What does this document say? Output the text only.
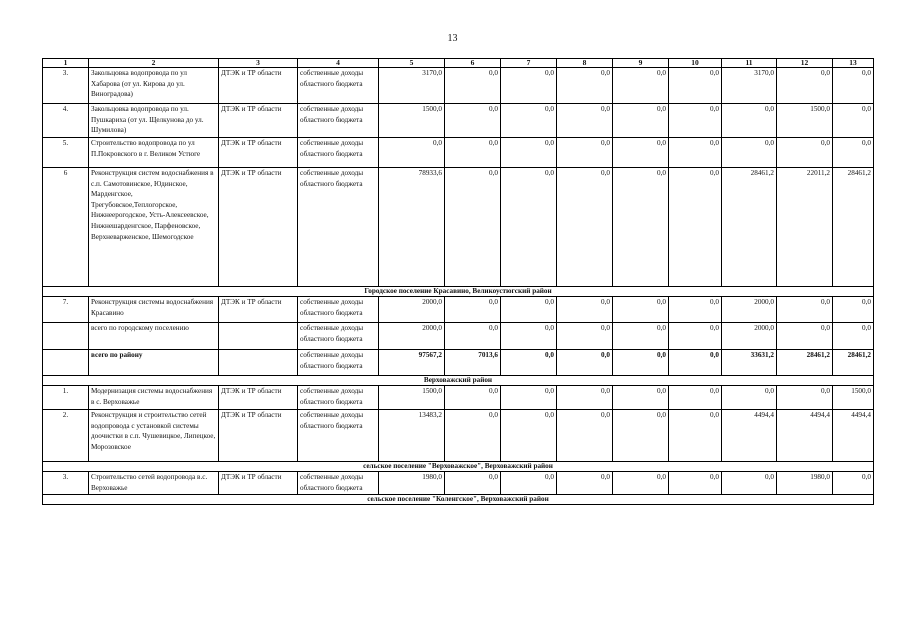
13
1	2	3	4	5	6	7	8	9	10	11	12	13
3.	Закольцовка водопровода по ул Хабарова (от ул. Кирова до ул. Виноградова)	ДТЭК и ТР области	собственные доходы областного бюджета	3170,0	0,0	0,0	0,0	0,0	0,0	3170,0	0,0	0,0
4.	Закольцовка водопровода по ул. Пушкариха (от ул. Щелкунова до ул. Шумилова)	ДТЭК и ТР области	собственные доходы областного бюджета	1500,0	0,0	0,0	0,0	0,0	0,0	0,0	1500,0	0,0
5.	Строительство водопровода по ул П.Покровского в г. Великом Устюге	ДТЭК и ТР области	собственные доходы областного бюджета	0,0	0,0	0,0	0,0	0,0	0,0	0,0	0,0	0,0
6	Реконструкция систем водоснабжения в с.п. Самотовинское, Юдинское, Марденгское, Трегубовское,Теплогорское, Нижнеерогодское, Усть-Алексеевское, Нижнешарденгское, Парфеновское, Верхневарженское, Шемогодское	ДТЭК и ТР области	собственные доходы областного бюджета	78933,6	0,0	0,0	0,0	0,0	0,0	28461,2	22011,2	28461,2
Городское поселение Красавино, Великоустюгский район												
7.	Реконструкция системы водоснабжения Красавино	ДТЭК и ТР области	собственные доходы областного бюджета	2000,0	0,0	0,0	0,0	0,0	0,0	2000,0	0,0	0,0
	всего по городскому поселению		собственные доходы областного бюджета	2000,0	0,0	0,0	0,0	0,0	0,0	2000,0	0,0	0,0
	всего по району		собственные доходы областного бюджета	97567,2	7013,6	0,0	0,0	0,0	0,0	33631,2	28461,2	28461,2
Верховажский район												
1.	Модернизация системы водоснабжения в с. Верховажье	ДТЭК и ТР области	собственные доходы областного бюджета	1500,0	0,0	0,0	0,0	0,0	0,0	0,0	0,0	1500,0
2.	Реконструкция и строительство сетей водопровода с установкой системы доочистки в с.п. Чушевицкое, Липецкое, Морозовское	ДТЭК и ТР области	собственные доходы областного бюджета	13483,2	0,0	0,0	0,0	0,0	0,0	4494,4	4494,4	4494,4
сельское поселение "Верховажское", Верховажский район												
3.	Строительство сетей водопровода в.с. Верховажье	ДТЭК и ТР области	собственные доходы областного бюджета	1980,0	0,0	0,0	0,0	0,0	0,0	0,0	1980,0	0,0
сельское поселение "Коленгское", Верховажский район												
